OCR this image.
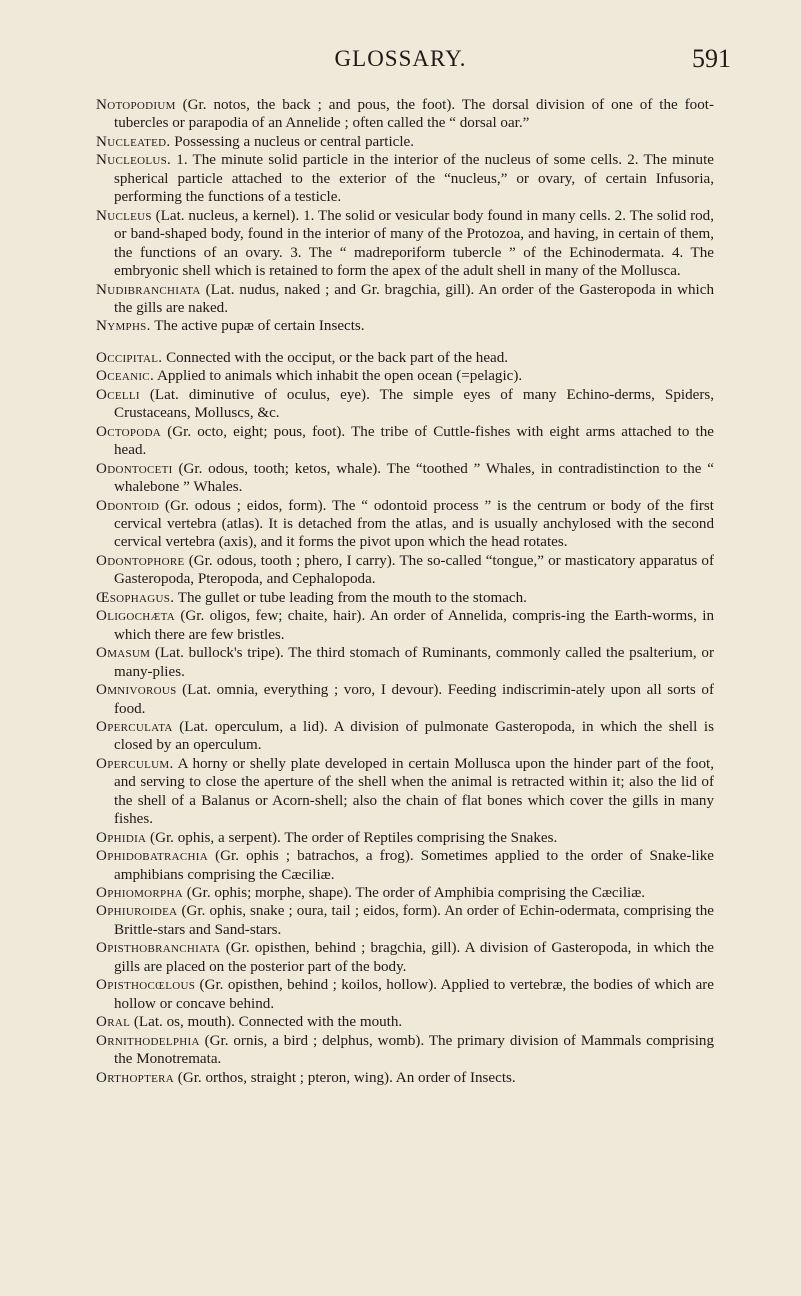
GLOSSARY.	591
Notopodium (Gr. notos, the back ; and pous, the foot). The dorsal division of one of the foot-tubercles or parapodia of an Annelide ; often called the “ dorsal oar.”
Nucleated. Possessing a nucleus or central particle.
Nucleolus. 1. The minute solid particle in the interior of the nucleus of some cells. 2. The minute spherical particle attached to the exterior of the “nucleus,” or ovary, of certain Infusoria, performing the functions of a testicle.
Nucleus (Lat. nucleus, a kernel). 1. The solid or vesicular body found in many cells. 2. The solid rod, or band-shaped body, found in the interior of many of the Protozoa, and having, in certain of them, the functions of an ovary. 3. The “ madreporiform tubercle ” of the Echinodermata. 4. The embryonic shell which is retained to form the apex of the adult shell in many of the Mollusca.
Nudibranchiata (Lat. nudus, naked ; and Gr. bragchia, gill). An order of the Gasteropoda in which the gills are naked.
Nymphs. The active pupæ of certain Insects.
Occipital. Connected with the occiput, or the back part of the head.
Oceanic. Applied to animals which inhabit the open ocean (=pelagic).
Ocelli (Lat. diminutive of oculus, eye). The simple eyes of many Echino-derms, Spiders, Crustaceans, Molluscs, &c.
Octopoda (Gr. octo, eight; pous, foot). The tribe of Cuttle-fishes with eight arms attached to the head.
Odontoceti (Gr. odous, tooth; ketos, whale). The “toothed ” Whales, in contradistinction to the “ whalebone ” Whales.
Odontoid (Gr. odous ; eidos, form). The “ odontoid process ” is the centrum or body of the first cervical vertebra (atlas). It is detached from the atlas, and is usually anchylosed with the second cervical vertebra (axis), and it forms the pivot upon which the head rotates.
Odontophore (Gr. odous, tooth ; phero, I carry). The so-called “tongue,” or masticatory apparatus of Gasteropoda, Pteropoda, and Cephalopoda.
Œsophagus. The gullet or tube leading from the mouth to the stomach.
Oligochæta (Gr. oligos, few; chaite, hair). An order of Annelida, compris-ing the Earth-worms, in which there are few bristles.
Omasum (Lat. bullock's tripe). The third stomach of Ruminants, commonly called the psalterium, or many-plies.
Omnivorous (Lat. omnia, everything ; voro, I devour). Feeding indiscrimin-ately upon all sorts of food.
Operculata (Lat. operculum, a lid). A division of pulmonate Gasteropoda, in which the shell is closed by an operculum.
Operculum. A horny or shelly plate developed in certain Mollusca upon the hinder part of the foot, and serving to close the aperture of the shell when the animal is retracted within it; also the lid of the shell of a Balanus or Acorn-shell; also the chain of flat bones which cover the gills in many fishes.
Ophidia (Gr. ophis, a serpent). The order of Reptiles comprising the Snakes.
Ophidobatrachia (Gr. ophis ; batrachos, a frog). Sometimes applied to the order of Snake-like amphibians comprising the Cæciliæ.
Ophiomorpha (Gr. ophis; morphe, shape). The order of Amphibia comprising the Cæciliæ.
Ophiuroidea (Gr. ophis, snake ; oura, tail ; eidos, form). An order of Echin-odermata, comprising the Brittle-stars and Sand-stars.
Opisthobranchiata (Gr. opisthen, behind ; bragchia, gill). A division of Gasteropoda, in which the gills are placed on the posterior part of the body.
Opisthocœlous (Gr. opisthen, behind ; koilos, hollow). Applied to vertebræ, the bodies of which are hollow or concave behind.
Oral (Lat. os, mouth). Connected with the mouth.
Ornithodelphia (Gr. ornis, a bird ; delphus, womb). The primary division of Mammals comprising the Monotremata.
Orthoptera (Gr. orthos, straight ; pteron, wing). An order of Insects.
